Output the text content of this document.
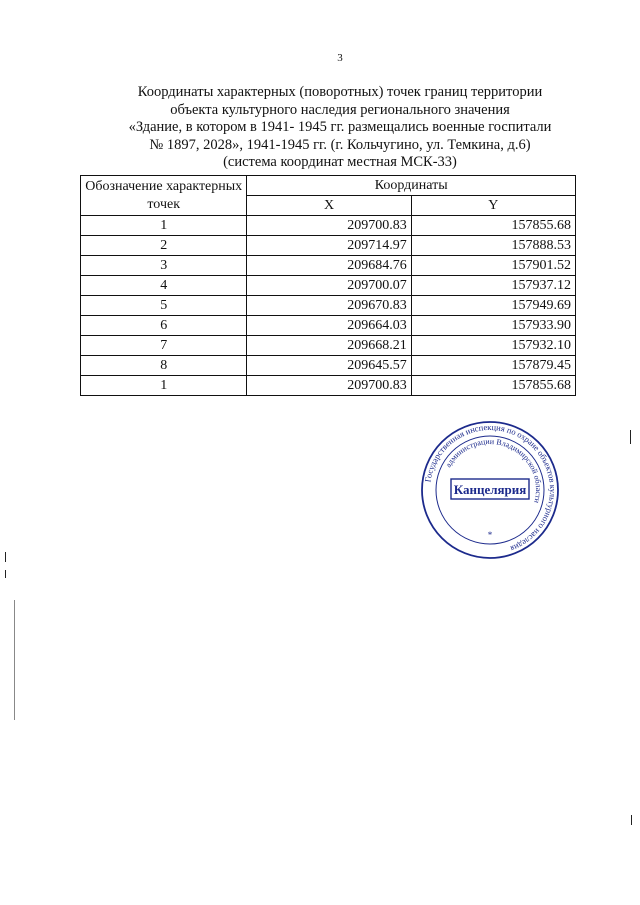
3
Координаты характерных (поворотных) точек границ территории
объекта культурного наследия регионального значения
«Здание, в котором в 1941- 1945 гг. размещались военные госпитали
№ 1897, 2028», 1941-1945 гг. (г. Кольчугино, ул. Темкина, д.6)
(система координат местная МСК-33)
Обозначение характерных точек	Координаты	
	X	Y
1	209700.83	157855.68
2	209714.97	157888.53
3	209684.76	157901.52
4	209700.07	157937.12
5	209670.83	157949.69
6	209664.03	157933.90
7	209668.21	157932.10
8	209645.57	157879.45
1	209700.83	157855.68
Государственная инспекция по охране объектов культурного наследия
администрации Владимирской области
Канцелярия
*
